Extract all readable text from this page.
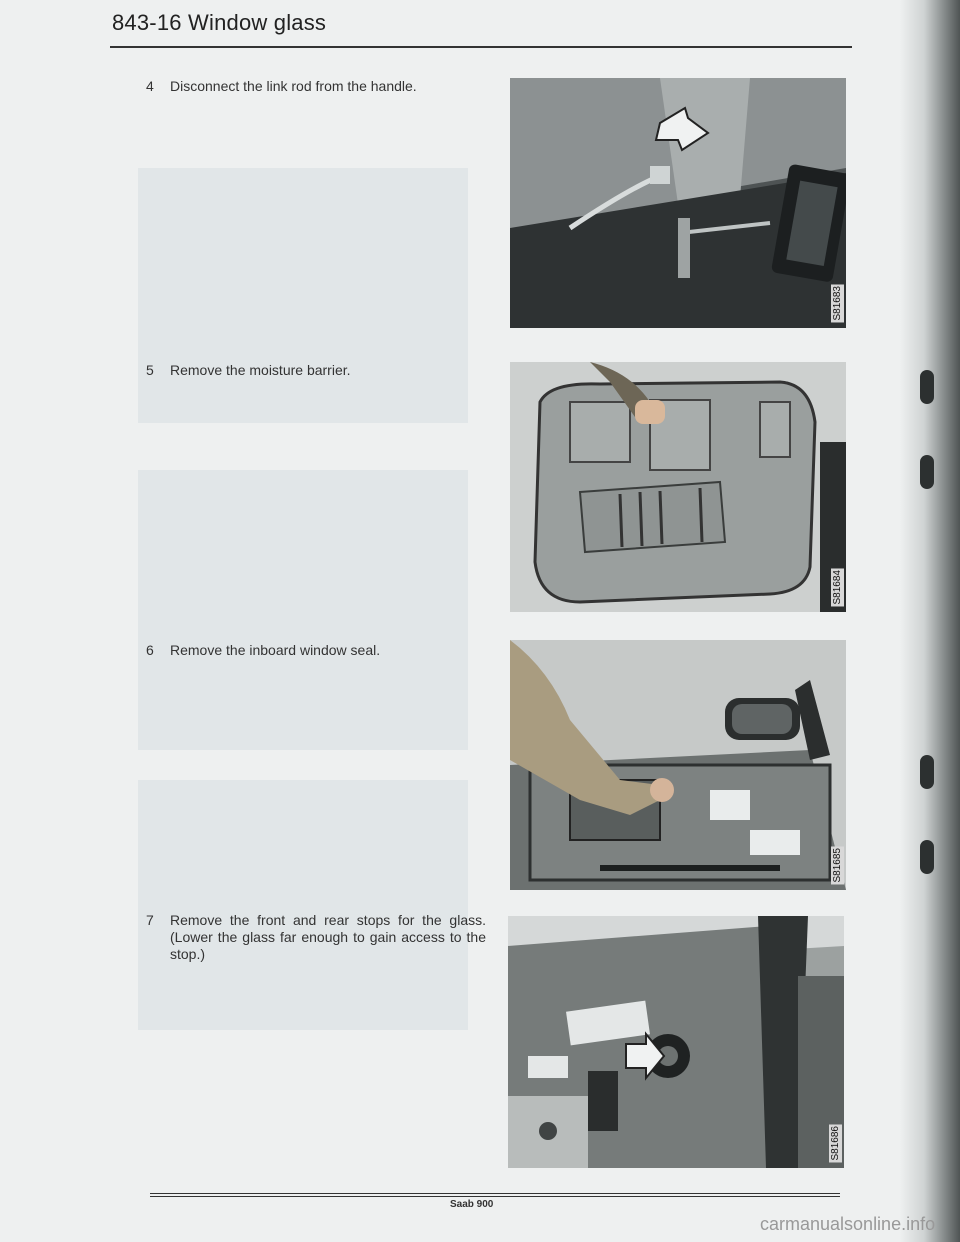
843-16 Window glass
4 Disconnect the link rod from the handle.
5 Remove the moisture barrier.
6 Remove the inboard window seal.
7 Remove the front and rear stops for the glass. (Lower the glass far enough to gain access to the stop.)
S81683
S81684
S81685
S81686
Saab 900
carmanualsonline.info
